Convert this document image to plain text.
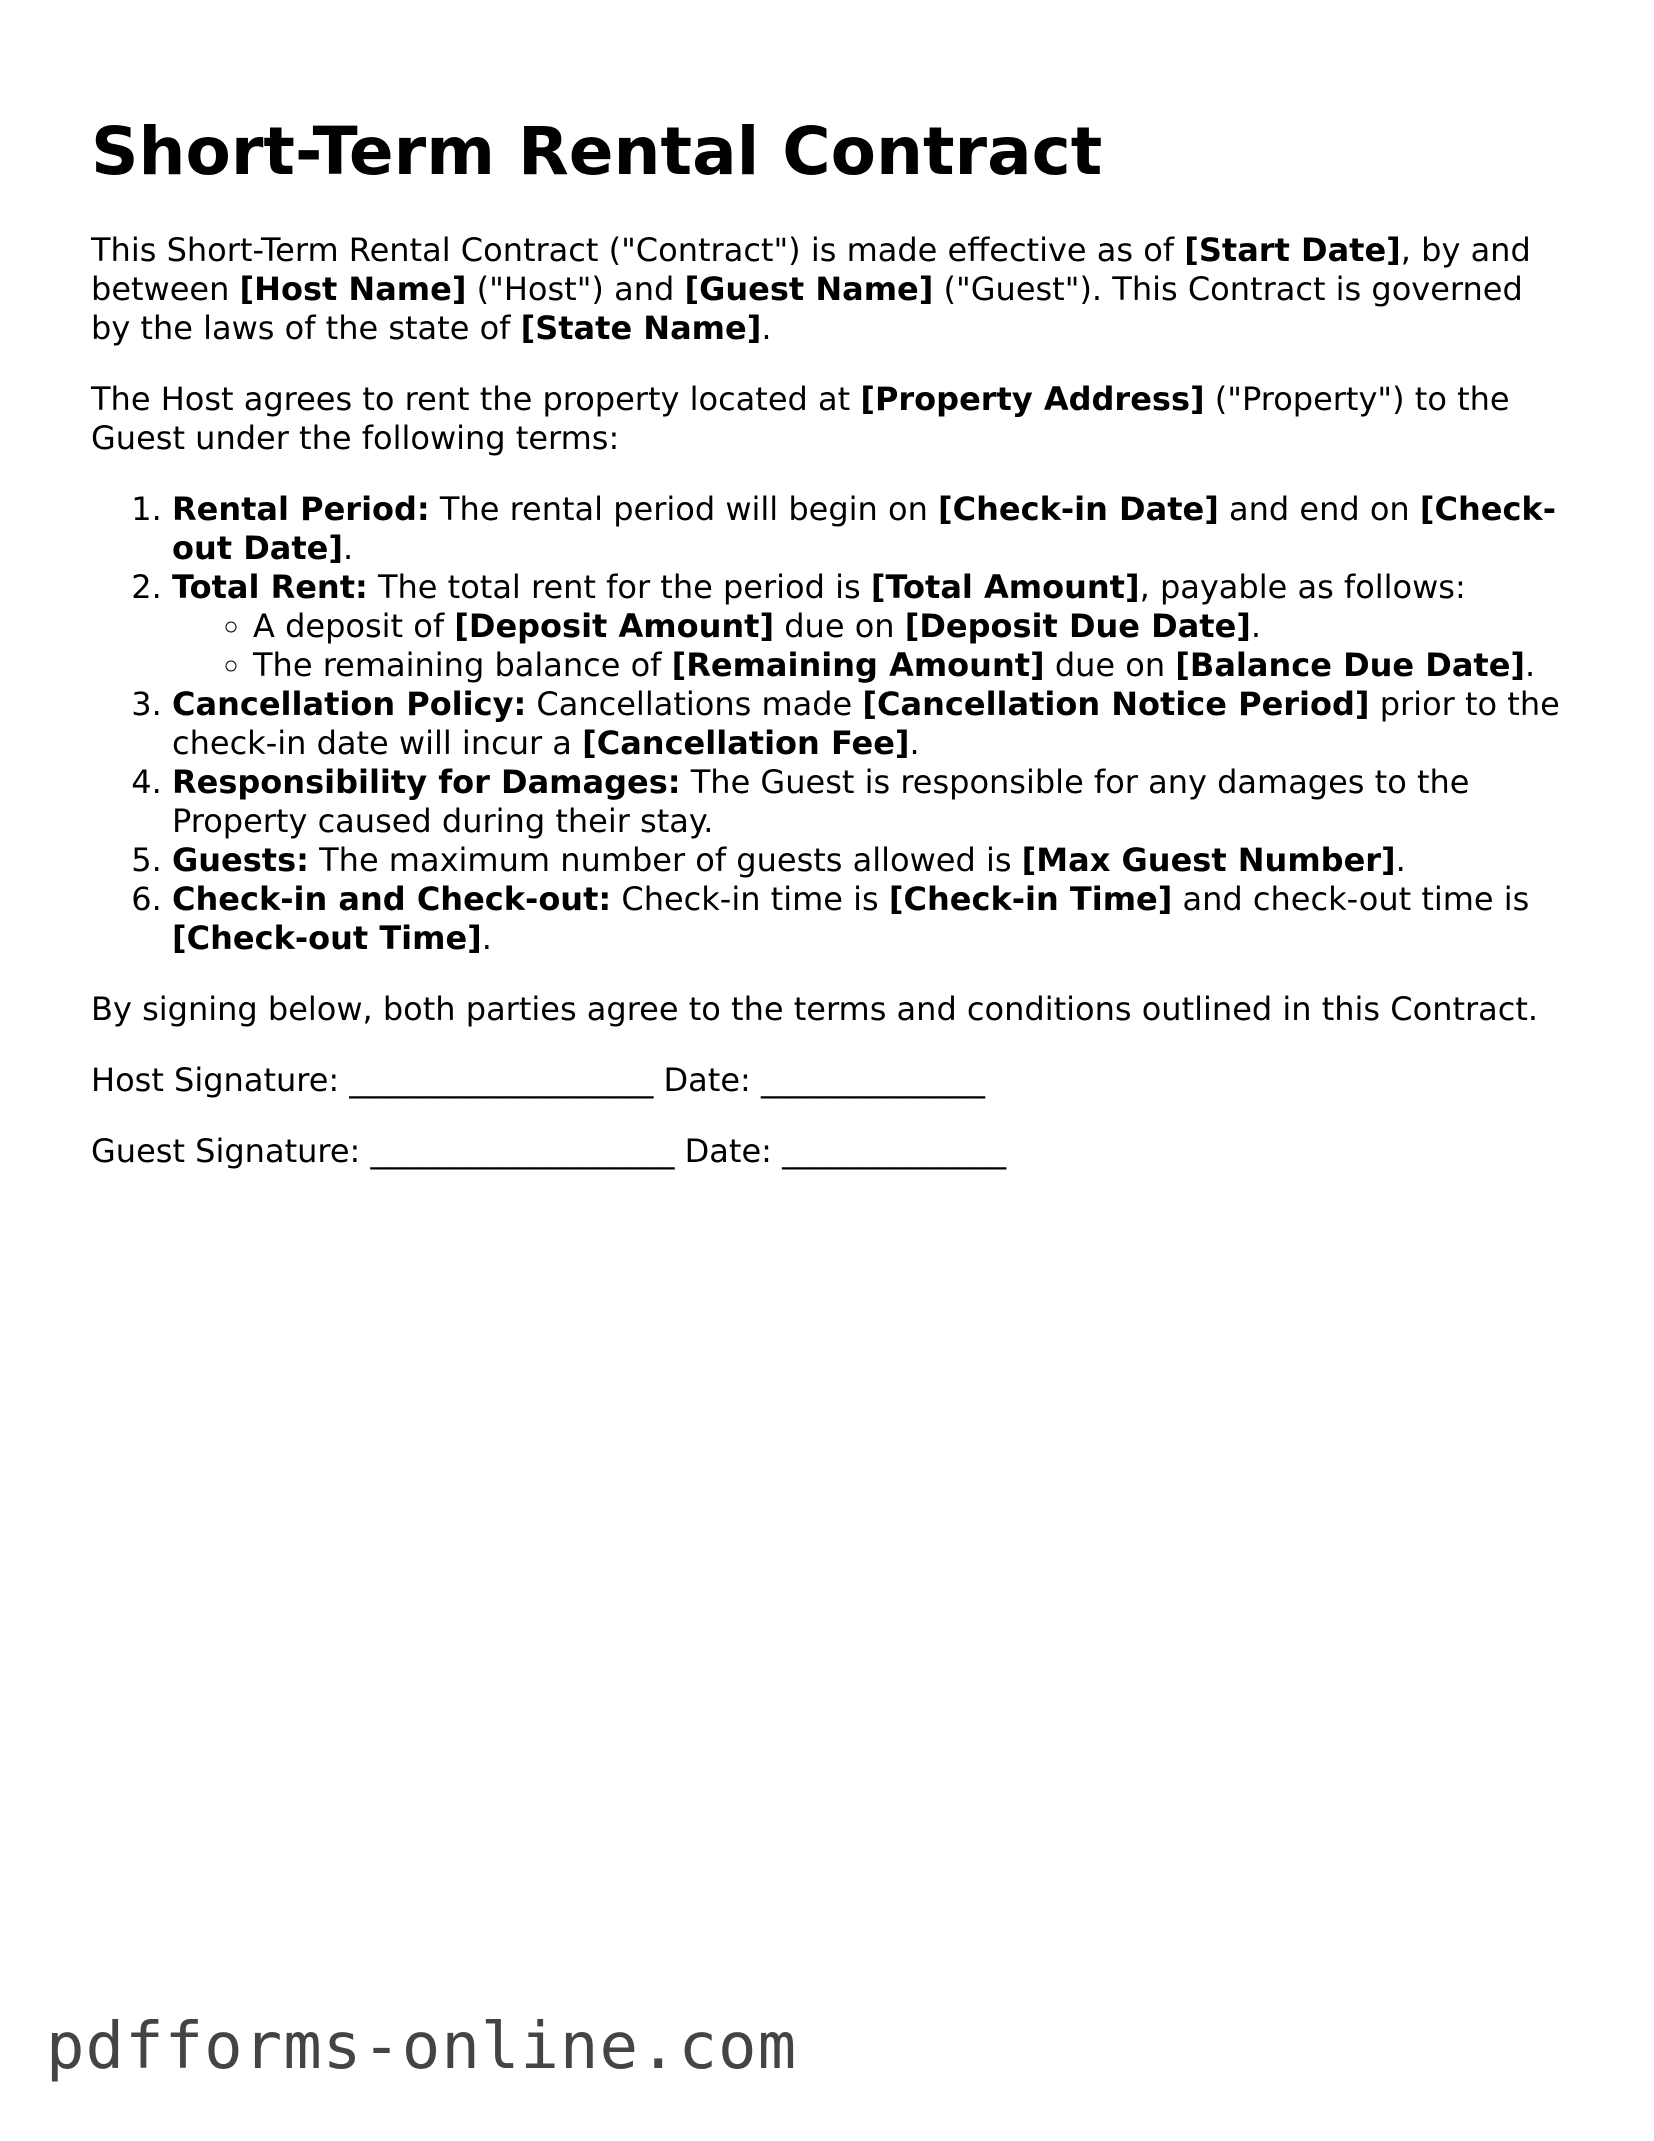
Short-Term Rental Contract

This Short-Term Rental Contract ("Contract") is made effective as of [Start Date], by and between [Host Name] ("Host") and [Guest Name] ("Guest"). This Contract is governed by the laws of the state of [State Name].

The Host agrees to rent the property located at [Property Address] ("Property") to the Guest under the following terms:

1. Rental Period: The rental period will begin on [Check-in Date] and end on [Check-out Date].
2. Total Rent: The total rent for the period is [Total Amount], payable as follows:
◦ A deposit of [Deposit Amount] due on [Deposit Due Date].
◦ The remaining balance of [Remaining Amount] due on [Balance Due Date].
3. Cancellation Policy: Cancellations made [Cancellation Notice Period] prior to the check-in date will incur a [Cancellation Fee].
4. Responsibility for Damages: The Guest is responsible for any damages to the Property caused during their stay.
5. Guests: The maximum number of guests allowed is [Max Guest Number].
6. Check-in and Check-out: Check-in time is [Check-in Time] and check-out time is [Check-out Time].

By signing below, both parties agree to the terms and conditions outlined in this Contract.

Host Signature: ___________________ Date: ______________
Guest Signature: ___________________ Date: ______________
pdfforms-online.com
